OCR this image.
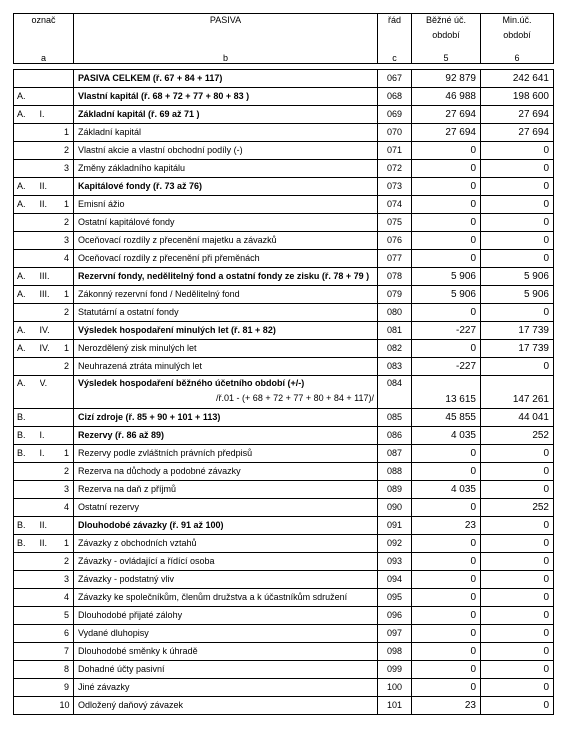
označ			PASIVA	řád	Běžné úč.
období	Min.úč.
období

a			b	c	5	6

			PASIVA CELKEM (ř. 67 + 84 + 117)	067	92 879	242 641
A.			Vlastní kapitál (ř. 68 + 72 + 77 + 80 + 83 )	068	46 988	198 600
A.	I.		Základní kapitál (ř. 69 až 71 )	069	27 694	27 694
		1	Základní kapitál	070	27 694	27 694
		2	Vlastní akcie a vlastní obchodní podíly (-)	071	0	0
		3	Změny základního kapitálu	072	0	0
A.	II.		Kapitálové fondy (ř. 73 až 76)	073	0	0
A.	II.	1	Emisní ážio	074	0	0
		2	Ostatní kapitálové fondy	075	0	0
		3	Oceňovací rozdíly z přecenění majetku a závazků	076	0	0
		4	Oceňovací rozdíly z přecenění při přeměnách	077	0	0
A.	III.		Rezervní fondy, nedělitelný fond a ostatní fondy ze zisku (ř. 78 + 79 )	078	5 906	5 906
A.	III.	1	Zákonný rezervní fond / Nedělitelný fond	079	5 906	5 906
		2	Statutární a ostatní fondy	080	0	0
A.	IV.		Výsledek hospodaření minulých let (ř. 81 + 82)	081	-227	17 739
A.	IV.	1	Nerozdělený zisk minulých let	082	0	17 739
		2	Neuhrazená ztráta minulých let	083	-227	0
A.	V.		Výsledek hospodaření běžného účetního období (+/-)
/ř.01 - (+ 68 + 72 + 77 + 80 + 84 + 117)/	084	13 615	147 261
B.			Cizí zdroje (ř. 85 + 90 + 101 + 113)	085	45 855	44 041
B.	I.		Rezervy (ř. 86 až 89)	086	4 035	252
B.	I.	1	Rezervy podle zvláštních právních předpisů	087	0	0
		2	Rezerva na důchody a podobné závazky	088	0	0
		3	Rezerva na daň z příjmů	089	4 035	0
		4	Ostatní rezervy	090	0	252
B.	II.		Dlouhodobé závazky (ř. 91 až 100)	091	23	0
B.	II.	1	Závazky z obchodních vztahů	092	0	0
		2	Závazky - ovládající a řídící osoba	093	0	0
		3	Závazky - podstatný vliv	094	0	0
		4	Závazky ke společníkům, členům družstva a k účastníkům sdružení	095	0	0
		5	Dlouhodobé přijaté zálohy	096	0	0
		6	Vydané dluhopisy	097	0	0
		7	Dlouhodobé směnky k úhradě	098	0	0
		8	Dohadné účty pasivní	099	0	0
		9	Jiné závazky	100	0	0
		10	Odložený daňový závazek	101	23	0
